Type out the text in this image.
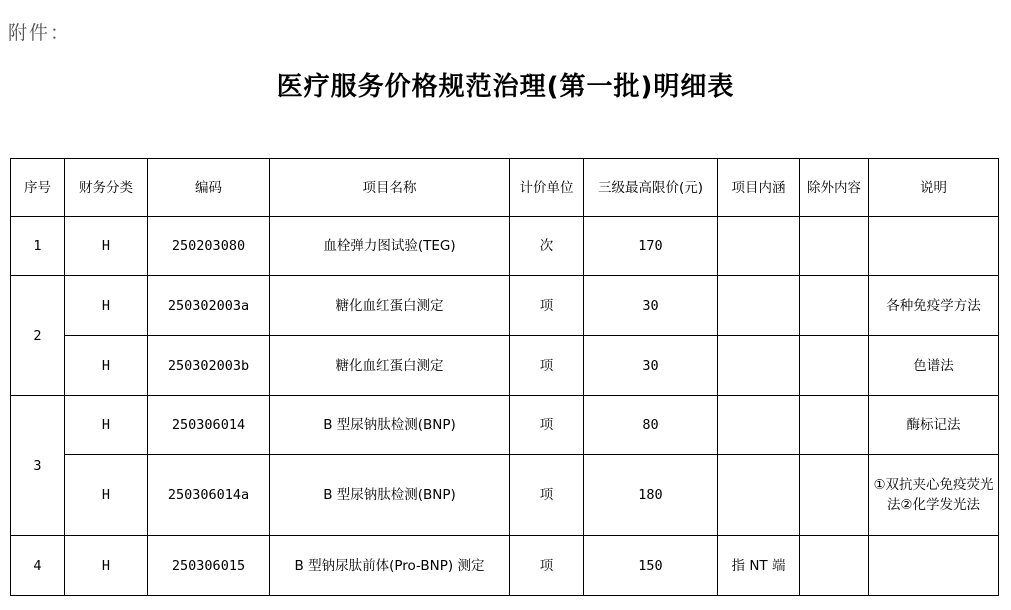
附件：
医疗服务价格规范治理(第一批)明细表
序号	财务分类	编码	项目名称	计价单位	三级最高限价(元)	项目内涵	除外内容	说明
1	H	250203080	血栓弹力图试验(TEG)	次	170			
2	H	250302003a	糖化血红蛋白测定	项	30			各种免疫学方法
	H	250302003b	糖化血红蛋白测定	项	30			色谱法
3	H	250306014	B 型尿钠肽检测(BNP)	项	80			酶标记法
	H	250306014a	B 型尿钠肽检测(BNP)	项	180			①双抗夹心免疫荧光法②化学发光法
4	H	250306015	B 型钠尿肽前体(Pro-BNP) 测定	项	150	指 NT 端		
